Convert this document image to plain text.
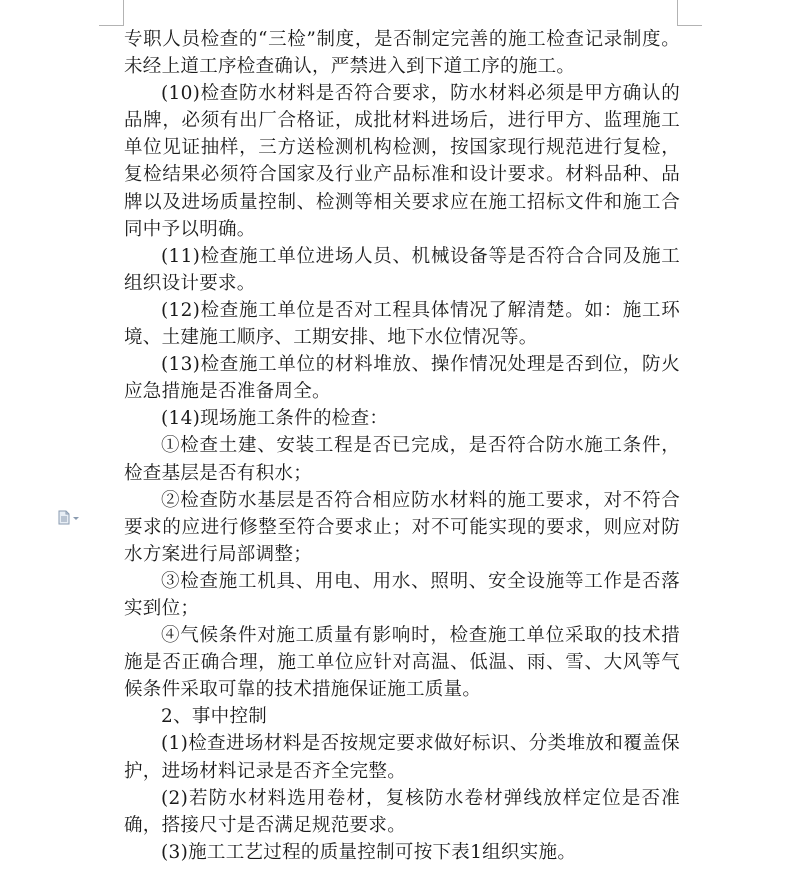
专职人员检查的“三检”制度，是否制定完善的施工检查记录制度。未经上道工序检查确认，严禁进入到下道工序的施工。

(10)检查防水材料是否符合要求，防水材料必须是甲方确认的品牌，必须有出厂合格证，成批材料进场后，进行甲方、监理施工单位见证抽样，三方送检测机构检测，按国家现行规范进行复检，复检结果必须符合国家及行业产品标准和设计要求。材料品种、品牌以及进场质量控制、检测等相关要求应在施工招标文件和施工合同中予以明确。

(11)检查施工单位进场人员、机械设备等是否符合合同及施工组织设计要求。

(12)检查施工单位是否对工程具体情况了解清楚。如：施工环境、土建施工顺序、工期安排、地下水位情况等。

(13)检查施工单位的材料堆放、操作情况处理是否到位，防火应急措施是否准备周全。

(14)现场施工条件的检查：

①检查土建、安装工程是否已完成，是否符合防水施工条件，检查基层是否有积水；

②检查防水基层是否符合相应防水材料的施工要求，对不符合要求的应进行修整至符合要求止；对不可能实现的要求，则应对防水方案进行局部调整；

③检查施工机具、用电、用水、照明、安全设施等工作是否落实到位；

④气候条件对施工质量有影响时，检查施工单位采取的技术措施是否正确合理，施工单位应针对高温、低温、雨、雪、大风等气候条件采取可靠的技术措施保证施工质量。

2、事中控制

(1)检查进场材料是否按规定要求做好标识、分类堆放和覆盖保护，进场材料记录是否齐全完整。

(2)若防水材料选用卷材，复核防水卷材弹线放样定位是否准确，搭接尺寸是否满足规范要求。

(3)施工工艺过程的质量控制可按下表1组织实施。
